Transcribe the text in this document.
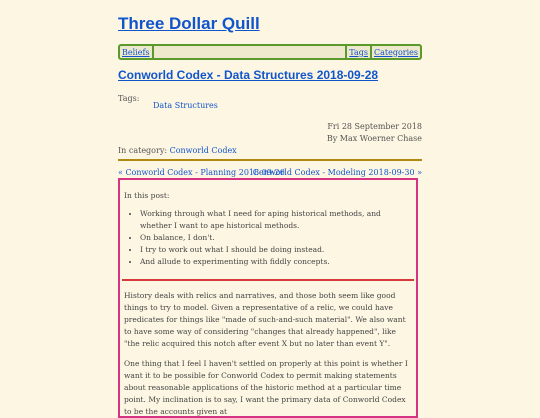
Three Dollar Quill
Beliefs	Tags Categories
Conworld Codex - Data Structures 2018-09-28
Tags:
Data Structures
Fri 28 September 2018
By Max Woerner Chase
In category: Conworld Codex
« Conworld Codex - Planning 2018-09-26
Conworld Codex - Modeling 2018-09-30 »
In this post:
• Working through what I need for aping historical methods, and whether I want to ape historical methods.
• On balance, I don't.
• I try to work out what I should be doing instead.
• And allude to experimenting with fiddly concepts.

History deals with relics and narratives, and those both seem like good things to try to model. Given a representative of a relic, we could have predicates for things like "made of such-and-such material". We also want to have some way of considering "changes that already happened", like "the relic acquired this notch after event X but no later than event Y".

One thing that I feel I haven't settled on properly at this point is whether I want it to be possible for Conworld Codex to permit making statements about reasonable applications of the historic method at a particular time point. My inclination is to say, I want the primary data of Conworld Codex to be the accounts given at
